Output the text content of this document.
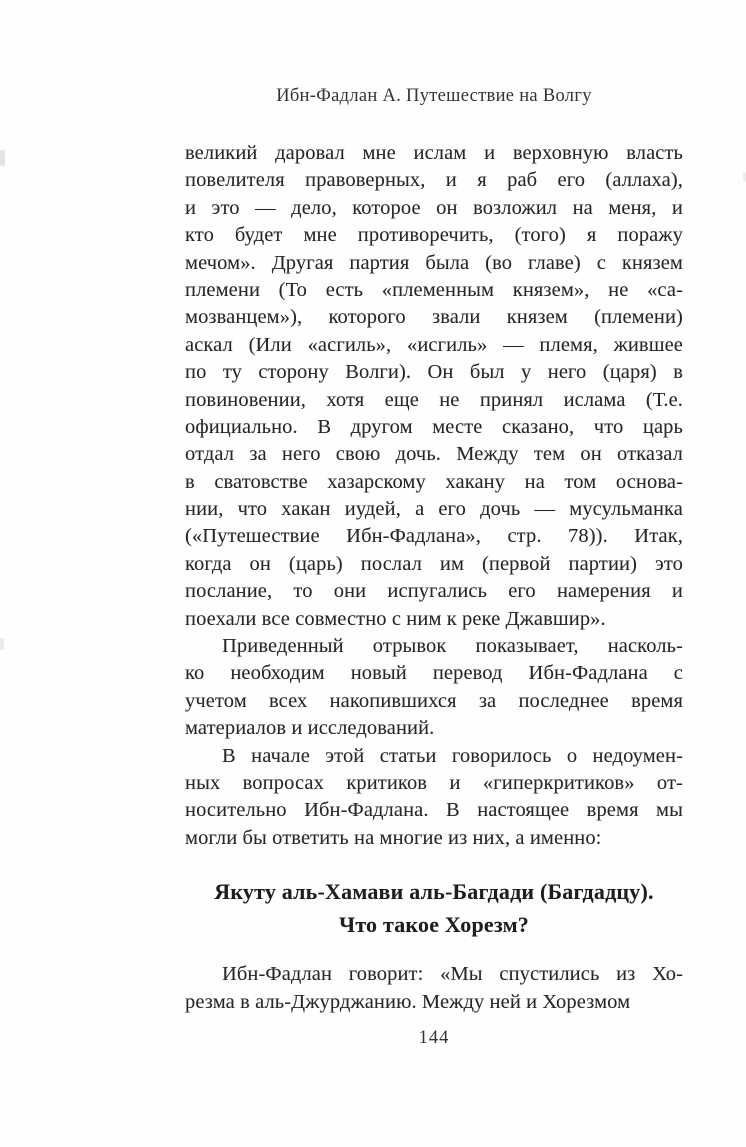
Ибн-Фадлан А. Путешествие на Волгу
великий даровал мне ислам и верховную власть
повелителя правоверных, и я раб его (аллаха),
и это — дело, которое он возложил на меня, и
кто будет мне противоречить, (того) я поражу
мечом». Другая партия была (во главе) с князем
племени (То есть «племенным князем», не «са-
мозванцем»), которого звали князем (племени)
аскал (Или «асгиль», «исгиль» — племя, жившее
по ту сторону Волги). Он был у него (царя) в
повиновении, хотя еще не принял ислама (Т.е.
официально. В другом месте сказано, что царь
отдал за него свою дочь. Между тем он отказал
в сватовстве хазарскому хакану на том основа-
нии, что хакан иудей, а его дочь — мусульманка
(«Путешествие Ибн-Фадлана», стр. 78)). Итак,
когда он (царь) послал им (первой партии) это
послание, то они испугались его намерения и
поехали все совместно с ним к реке Джавшир».
Приведенный отрывок показывает, насколь-
ко необходим новый перевод Ибн-Фадлана с
учетом всех накопившихся за последнее время
материалов и исследований.
В начале этой статьи говорилось о недоумен-
ных вопросах критиков и «гиперкритиков» от-
носительно Ибн-Фадлана. В настоящее время мы
могли бы ответить на многие из них, а именно:
Якуту аль-Хамави аль-Багдади (Багдадцу).
Что такое Хорезм?
Ибн-Фадлан говорит: «Мы спустились из Хо-
резма в аль-Джурджанию. Между ней и Хорезмом
144
